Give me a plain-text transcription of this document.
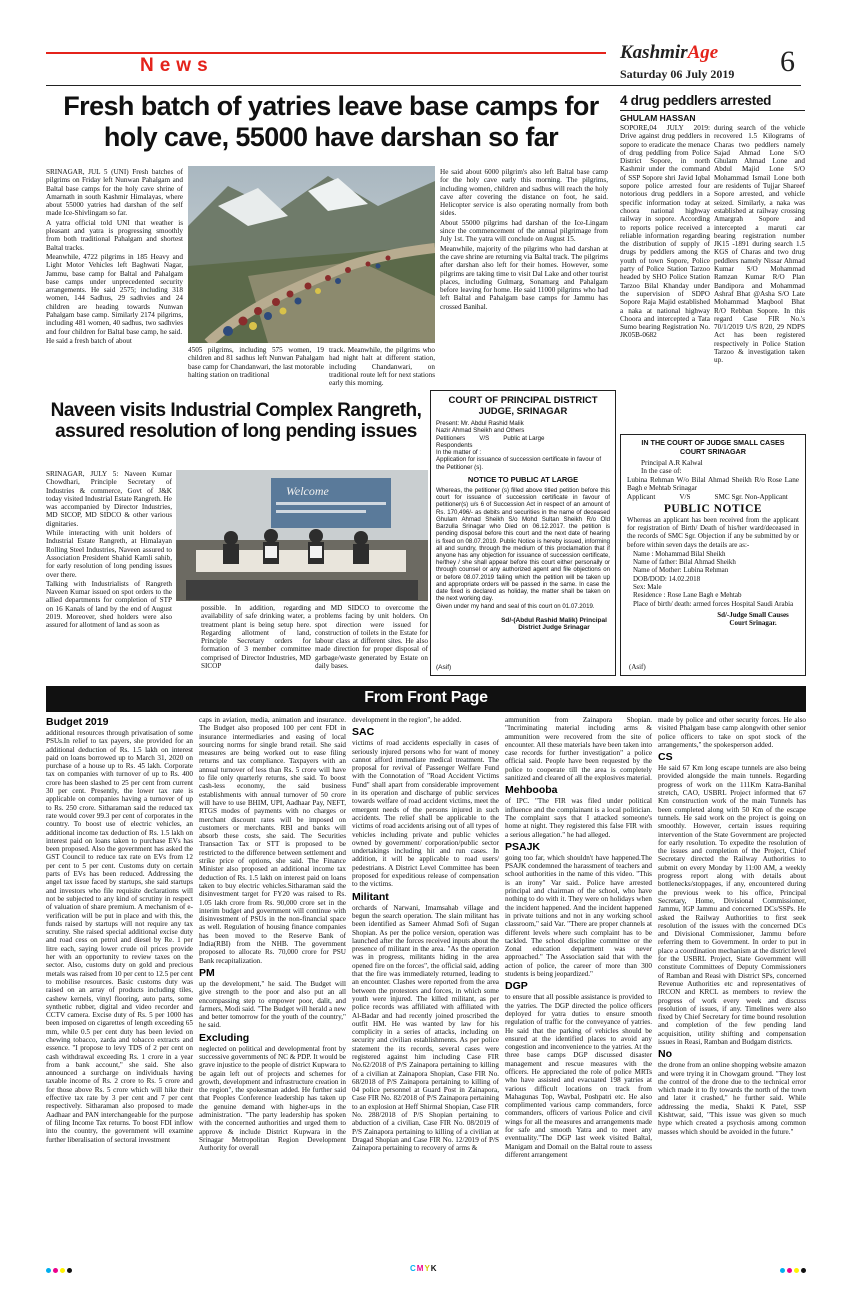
News
KashmirAge
Saturday 06 July 2019 6
Fresh batch of yatries leave base camps for holy cave, 55000 have darshan so far

SRINAGAR, JUL 5 (UNI) Fresh batches of pilgrims on Friday left Nunwan Pahalgam and Baltal base camps for the holy cave shrine of Amarnath in south Kashmir Himalayas, where about 55000 yatries had darshan of the self made Ice-Shivlingam so far.

A yatra official told UNI that weather is pleasant and yatra is progressing smoothly from both traditional Pahalgam and shortest Baltal tracks.

Meanwhile, 4722 pilgrims in 185 Heavy and Light Motor Vehicles left Baghwati Nagar, Jammu, base camp for Baltal and Pahalgam base camps under unprecedented security arrangements. He said 2575; including 318 women, 144 Sadhus, 29 sadhvies and 24 children are heading towards Nunwan Pahalgam base camp. Similarly 2174 pilgrims, including 481 women, 40 sadhus, two sadhvies and four children for Baltal base camp, he said.

He said a fresh batch of about

4505 pilgrims, including 575 women, 19 children and 81 sadhus left Nunwan Pahalgam base camp for Chandanwari, the last motorable halting station on traditional
track. Meanwhile, the pilgrims who had night halt at different station, including Chandanwari, on traditional route left for next stations early this morning.

He said about 6000 pilgrim's also left Baltal base camp for the holy cave early this morning. The pilgrims, including women, children and sadhus will reach the holy cave after covering the distance on foot, he said. Helicopter service is also operating normally from both sides.

About 55000 pilgrims had darshan of the Ice-Lingam since the commencement of the annual pilgrimage from July 1st. The yatra will conclude on August 15.

Meanwhile, majority of the pilgrims who had darshan at the cave shrine are returning via Baltal track. The pilgrims after darshan also left for their homes. However, some pilgrims are taking time to visit Dal Lake and other tourist places, including Gulmarg, Sonamarg and Pahalgam before leaving for home. He said 11000 pilgrims who had left Baltal and Pahalgam base camps for Jammu has crossed Banihal.

4 drug peddlers arrested
GHULAM HASSAN
SOPORE,04 JULY 2019: Drive against drug peddlers in sopore to eradicate the menace of drug peddling from Police District Sopore, in north Kashmir under the command of SSP Sopore shri Javid Iqbal sopore police arrested four notorious drug peddlers in a specific information today at choora national highway railway in sopore. According to reports police received a reliable information regarding the distribution of supply of drugs by peddlers among the youth of town Sopore, Police party of Police Station Tarzoo headed by SHO Police Station Tarzoo Bilal Khanday under the supervision of SDPO Sopore Raja Majid established a naka at national highway Choora and intercepted a Tata Sumo bearing Registration No. JK05B-0682
during search of the vehicle recovered 1.5 Kilograms of Charas two peddlers namely Sajad Ahmad Lone S/O Ghulam Ahmad Lone and Abdul Majid Lone S/O Mohammad Ismail Lone both are residents of Tujjar Shareef Sopore arrested, and vehicle seized. Similarly, a naka was established at railway crossing Amargrah Sopore and intercepted a maruti car bearing registration number JK15 -1891 during search 1.5 KGS of Charas and two drug peddlers namely Nissar Ahmad Kumar S/O Mohammad Ramzan Kumar R/O Plan Bandipora and Mohammad Ashraf Bhat @Asha S/O Late Mohammad Maqbool Bhat R/O Rebban Sopore. In this regard Case FIR No.'s 70/1/2019 U/S 8/20, 29 NDPS Act has been registered respectively in Police Station Tarzoo & investigation taken up.
Naveen visits Industrial Complex Rangreth, assured resolution of long pending issues

SRINAGAR, JULY 5: Naveen Kumar Chowdhari, Principle Secretary of Industries & commerce, Govt of J&K today visited Industrial Estate Rangreth. He was accompanied by Director Industries, MD SICOP, MD SIDCO & other various dignitaries.

While interacting with unit holders of Industrial Estate Rangreth, at Himalayan Rolling Steel Industries, Naveen assured to Association President Shahid Kamli sahib, for early resolution of long pending issues over there.

Talking with Industrialists of Rangreth Naveen Kumar issued on spot orders to the allied departments for completion of STP on 16 Kanals of land by the end of August 2019. Moreover, shed holders were also assured for allotment of land as soon as

Welcome
possible. In addition, regarding availability of safe drinking water, a treatment plant is being setup here. Regarding allotment of land, Principle Secretary orders for formation of 3 member committee comprised of Director Industries, MD SICOP
and MD SIDCO to overcome the problems facing by unit holders. On spot direction were issued for construction of toilets in the Estate for labour class at different sites. He also made direction for proper disposal of garbage/waste generated by Estate on daily bases.
COURT OF PRINCIPAL DISTRICT JUDGE, SRINAGAR
Present: Mr. Abdul Rashid Malik
Nazir Ahmad Sheikh and Others
Petitioners V/S Public at Large
Respondents
In the matter of :
Application for issuance of succession certificate in favour of the Petitioner (s).
NOTICE TO PUBLIC AT LARGE
Whereas, the petitioner (s) filled above titled petition before this court for issuance of succession certificate in favour of petitioner(s) u/s 6 of Succession Act in respect of an amount of Rs. 170,496/- as debits and securities in the name of deceased Ghulam Ahmad Sheikh S/o Mohd Sultan Sheikh R/o Old Barzulla Srinagar who Died on 06.12.2017. the petition is pending disposal before this court and the next date of hearing is fixed on 08.07.2019. Public Notice is hereby issued, informing all and sundry, through the medium of this proclamation that if anyone has any objection for issuance of succession certificate, he/they / she shall appear before this court either personally or through counsel or any authorized agent and file objections on or before 08.07.2019 failing which the petition will be taken up and appropriate orders will be passed in the same. In case the date fixed is declared as holiday, the matter shall be taken on the next working day.
Given under my hand and seal of this court on 01.07.2019.
Sd/-(Abdul Rashid Malik) Principal District Judge Srinagar
(Asif)
IN THE COURT OF JUDGE SMALL CASES COURT SRINAGAR
Principal A.R Kalwal
In the case of:
Lubina Rehman W/o Bilal Ahmad Sheikh R/o Rose Lane Bagh e Mehtab Srinagar
Applicant	V/S	SMC Sgr. Non-Applicant
PUBLIC NOTICE
Whereas an applicant has been received from the applicant for registration of Birth/ Death of his/her ward/deceased in the records of SMC Sgr. Objection if any be submitted by or before within seven days the details are as:-
Name : Mohammad Bilal Sheikh
Name of father: Bilal Ahmad Sheikh
Name of Mother: Lubina Rehman
DOB/DOD: 14.02.2018
Sex: Male
Residence : Rose Lane Bagh e Mehtab
Place of birth/ death: armed forces Hospital Saudi Arabia
Sd/-Judge Small Causes Court Srinagar.
(Asif)
From Front Page
Budget 2019

additional resources through privatisation of some PSUs.In relief to tax payers, she provided for an additional deduction of Rs. 1.5 lakh on interest paid on loans borrowed up to March 31, 2020 on purchase of a house up to Rs. 45 lakh. Corporate tax on companies with turnover of up to Rs. 400 crore has been slashed to 25 per cent from current 30 per cent. Presently, the lower tax rate is applicable on companies having a turnover of up to Rs. 250 crore. Sitharaman said the reduced tax rate would cover 99.3 per cent of corporates in the country. To boost use of electric vehicles, an additional income tax deduction of Rs. 1.5 lakh on interest paid on loans taken to purchase EVs has been proposed. Also the government has asked the GST Council to reduce tax rate on EVs from 12 per cent to 5 per cent. Customs duty on certain parts of EVs has been reduced. Addressing the angel tax issue faced by startups, she said startups and investors who file requisite declarations will not be subjected to any kind of scrutiny in respect of valuation of share premium. A mechanism of e-verification will be put in place and with this, the funds raised by startups will not require any tax scrutiny. She raised special additional excise duty and road cess on petrol and diesel by Re. 1 per litre each, saying lower crude oil prices provide her with an opportunity to review taxes on the sector. Also, customs duty on gold and precious metals was raised from 10 per cent to 12.5 per cent to mobilise resources. Basic customs duty was raised on an array of products including tiles, cashew kernels, vinyl flooring, auto parts, some synthetic rubber, digital and video recorder and CCTV camera. Excise duty of Rs. 5 per 1000 has been imposed on cigarettes of length exceeding 65 mm, while 0.5 per cent duty has been levied on chewing tobacco, zarda and tobacco extracts and essence. "I propose to levy TDS of 2 per cent on cash withdrawal exceeding Rs. 1 crore in a year from a bank account," she said. She also announced a surcharge on individuals having taxable income of Rs. 2 crore to Rs. 5 crore and for those above Rs. 5 crore which will hike their effective tax rate by 3 per cent and 7 per cent respectively. Sitharaman also proposed to made Aadhaar and PAN interchangeable for the purpose of filing Income Tax returns. To boost FDI inflow into the country, the government will examine further liberalisation of sectoral investment

caps in aviation, media, animation and insurance. The Budget also proposed 100 per cent FDI in insurance intermediaries and easing of local sourcing norms for single brand retail. She said measures are being worked out to ease filing returns and tax compliance. Taxpayers with an annual turnover of less than Rs. 5 crore will have to file only quarterly returns, she said. To boost cash-less economy, the said business establishments with annual turnover of 50 crore will have to use BHIM, UPI, Aadhaar Pay, NEFT, RTGS modes of payments with no charges or merchant discount rates will be imposed on customers or merchants. RBI and banks will absorb these costs, she said. The Securities Transaction Tax or STT is proposed to be restricted to the difference between settlement and strike price of options, she said. The Finance Minister also proposed an additional income tax deduction of Rs. 1.5 lakh on interest paid on loans taken to buy electric vehicles.Sitharaman said the disinvestment target for FY20 was raised to Rs. 1.05 lakh crore from Rs. 90,000 crore set in the interim budget and government will continue with disinvestment of PSUs in the non-financial space as well. Regulation of housing finance companies has been moved to the Reserve Bank of India(RBI) from the NHB. The government proposed to allocate Rs. 70,000 crore for PSU Bank recapitalization.

PM

up the development," he said. The Budget will give strength to the poor and also put an all encompassing step to empower poor, dalit, and farmers, Modi said. "The Budget will herald a new and better tomorrow for the youth of the country," he said.

Excluding

neglected on political and developmental front by successive governments of NC & PDP. It would be grave injustice to the people of district Kupwara to be again left out of projects and schemes for growth, development and infrastructure creation in the region", the spokesman added. He further said that Peoples Conference leadership has taken up the genuine demand with higher-ups in the administration. "The party leadership has spoken with the concerned authorities and urged them to approve & include District Kupwara in the Srinagar Metropolitan Region Development Authority for overall

development in the region", he added.

SAC

victims of road accidents especially in cases of seriously injured persons who for want of money cannot afford immediate medical treatment. The proposal for revival of Passenger Welfare Fund with the Connotation of "Road Accident Victims Fund" shall apart from considerable improvement in its operation and discharge of public services towards welfare of road accident victims, meet the emergent needs of the persons injured in such accidents. The relief shall be applicable to the victims of road accidents arising out of all types of vehicles including private and public vehicles owned by government/ corporation/public sector undertakings including hit and run cases. In addition, it will be applicable to road users/ pedestrians. A District Level Committee has been proposed for expeditious release of compensation to the victims.

Militant

orchards of Narwani, Imamsahab village and begun the search operation. The slain militant has been identified as Sameer Ahmad Sofi of Sugan Shopian. As per the police version, operation was launched after the forces received inputs about the presence of militant in the area. "As the operation was in progress, militants hiding in the area opened fire on the forces", the official said, adding that the fire was immediately returned, leading to an encounter. Clashes were reported from the area between the protestors and forces, in which some youth were injured. The killed militant, as per police records was affiliated with affiliated with Al-Badar and had recently joined proscribed the outfit HM. He was wanted by law for his complicity in a series of attacks, including on security and civilian establishments. As per police statement the its records, several cases were registered against him including Case FIR No.62/2018 of P/S Zainapora pertaining to killing of a civilian at Zainapora Shopian, Case FIR No. 68/2018 of P/S Zainapora pertaining to killing of 04 police personnel at Guard Post in Zainapora, Case FIR No. 82/2018 of P/S Zainapora pertaining to an explosion at Heff Shirmal Shopian, Case FIR No. 288/2018 of P/S Shopian pertaining to abduction of a civilian, Case FIR No. 08/2019 of P/S Zainapora pertaining to killing of a civilian at Dragad Shopian and Case FIR No. 12/2019 of P/S Zainapora pertaining to recovery of arms &

ammunition from Zainapora Shopian. "Incriminating material including arms & ammunition were recovered from the site of encounter. All these materials have been taken into case records for further investigation" a police official said. People have been requested by the police to cooperate till the area is completely sanitized and cleared of all the explosives material.

Mehbooba

of IPC. "The FIR was filed under political influence and the complainant is a local politician. The complaint says that I attacked someone's home at night. They registered this false FIR with a serious allegation." he had alleged.

PSAJK

going too far, which shouldn't have happened.The PSAJK condemned the harassment of teachers and school authorities in the name of this video. "This is an irony" Var said.. Police have arrested principal and chairman of the school, who have nothing to do with it. They were on holidays when the incident happened. And the incident happened in private tuitions and not in any working school classroom," said Var. "There are proper channels at different levels where such complaint has to be tackled. The school discipline committee or the Zonal education department was never approached." The Association said that with the action of police, the career of more than 300 students is being jeopardized."

DGP

to ensure that all possible assistance is provided to the yatries. The DGP directed the police officers deployed for yatra duties to ensure smooth regulation of traffic for the conveyance of yatries. He said that the parking of vehicles should be ensured at the identified places to avoid any congestion and inconvenience to the yatries. At the three base camps DGP discussed disaster management and rescue measures with the officers. He appreciated the role of police MRTs who have assisted and evacuated 198 yatries at various difficult locations on track from Mahagunas Top, Wavbal, Poshpatri etc. He also complimented various camp commanders, force commanders, officers of various Police and civil wings for all the measures and arrangements made for safe and smooth Yatra and to meet any eventuality."The DGP last week visited Baltal, Manigam and Domail on the Baltal route to assess different arrangement

made by police and other security forces. He also visited Phalgam base camp alongwith other senior police officers to take on spot stock of the arrangements," the spokesperson added.

CS

He said 67 Km long escape tunnels are also being provided alongside the main tunnels. Regarding progress of work on the 111Km Katra-Banihal stretch, CAO, USBRL Project informed that 67 Km construction work of the main Tunnels has been completed along with 50 Km of the escape tunnels. He said work on the project is going on smoothly. However, certain issues requiring intervention of the State Government are projected for early resolution. To expedite the resolution of the issues and completion of the Project, Chief Secretary directed the Railway Authorities to submit on every Monday by 11:00 AM, a weekly progress report along with details about bottlenecks/stoppages, if any, encountered during the previous week to his office, Principal Secretary, Home, Divisional Commissioner, Jammu, IGP Jammu and concerned DCs/SSPs. He asked the Railway Authorities to first seek resolution of the issues with the concerned DCs and Divisional Commissioner, Jammu before referring them to Government. In order to put in place a coordination mechanism at the district level for the USBRL Project, State Government will constitute Committees of Deputy Commissioners of Ramban and Reasi with District SPs, concerned Revenue Authorities etc and representatives of IRCON and KRCL as members to review the progress of work every week and discuss resolution of issues, if any. Timelines were also fixed by Chief Secretary for time bound resolution and completion of the few pending land acquisition, utility shifting and compensation issues in Reasi, Ramban and Budgam districts.

No

the drone from an online shopping website amazon and were trying it in Chowgam ground. "They lost the control of the drone due to the technical error which made it to fly towards the north of the town and later it crashed," he further said. While addressing the media, Shakti K Patel, SSP Kishtwar, said, "This issue was given so much hype which created a psychosis among common masses which should be avoided in the future."

CMYK
